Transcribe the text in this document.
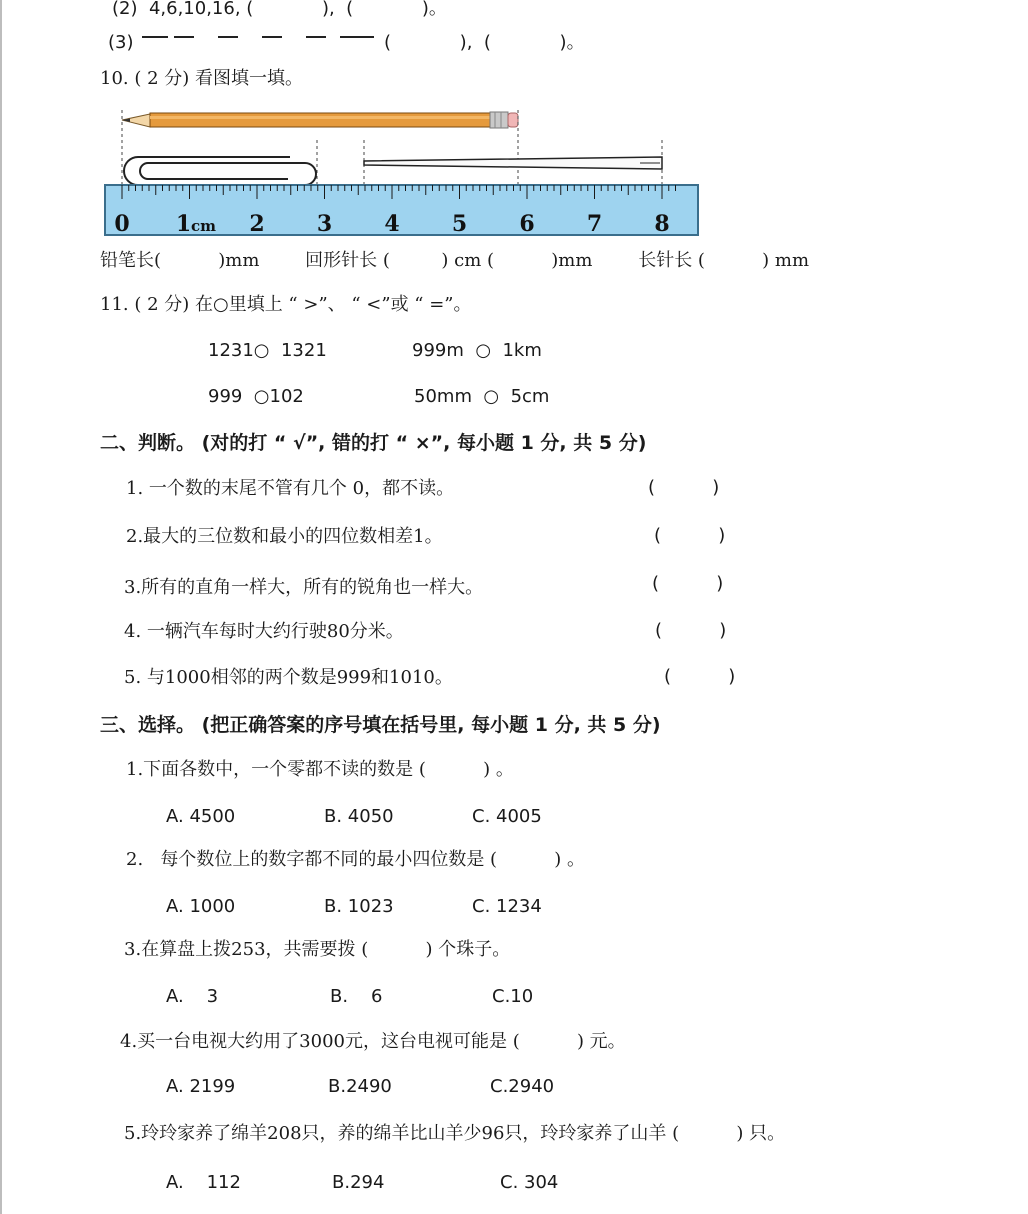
(2)  4,6,10,16, (            ),  (            )。
(3)	(            ),  (            )。
10. ( 2 分) 看图填一填。
0 1 cm 2 3 4 5 6 7 8
铅笔长(          )mm        回形针长 (         ) cm (          )mm        长针长 (          ) mm
11. ( 2 分) 在○里填上 “ >”、 “ <”或 “ =”。
1231○  1321	999m  ○  1km
999  ○102	50mm  ○  5cm
二、判断。 (对的打 “ √”, 错的打 “ ×”, 每小题 1 分, 共 5 分)
1. 一个数的末尾不管有几个 0，都不读。	(          )
2.最大的三位数和最小的四位数相差1。	(          )
3.所有的直角一样大，所有的锐角也一样大。	(          )
4. 一辆汽车每时大约行驶80分米。	(          )
5. 与1000相邻的两个数是999和1010。	(          )
三、选择。 (把正确答案的序号填在括号里, 每小题 1 分, 共 5 分)
1.下面各数中，一个零都不读的数是 (          ) 。
A. 4500	B. 4050	C. 4005
2.   每个数位上的数字都不同的最小四位数是 (          ) 。
A. 1000	B. 1023	C. 1234
3.在算盘上拨253，共需要拨 (          ) 个珠子。
A.    3	B.    6	C.10
4.买一台电视大约用了3000元，这台电视可能是 (          ) 元。
A. 2199	B.2490	C.2940
5.玲玲家养了绵羊208只，养的绵羊比山羊少96只，玲玲家养了山羊 (          ) 只。
A.    112	B.294	C. 304
